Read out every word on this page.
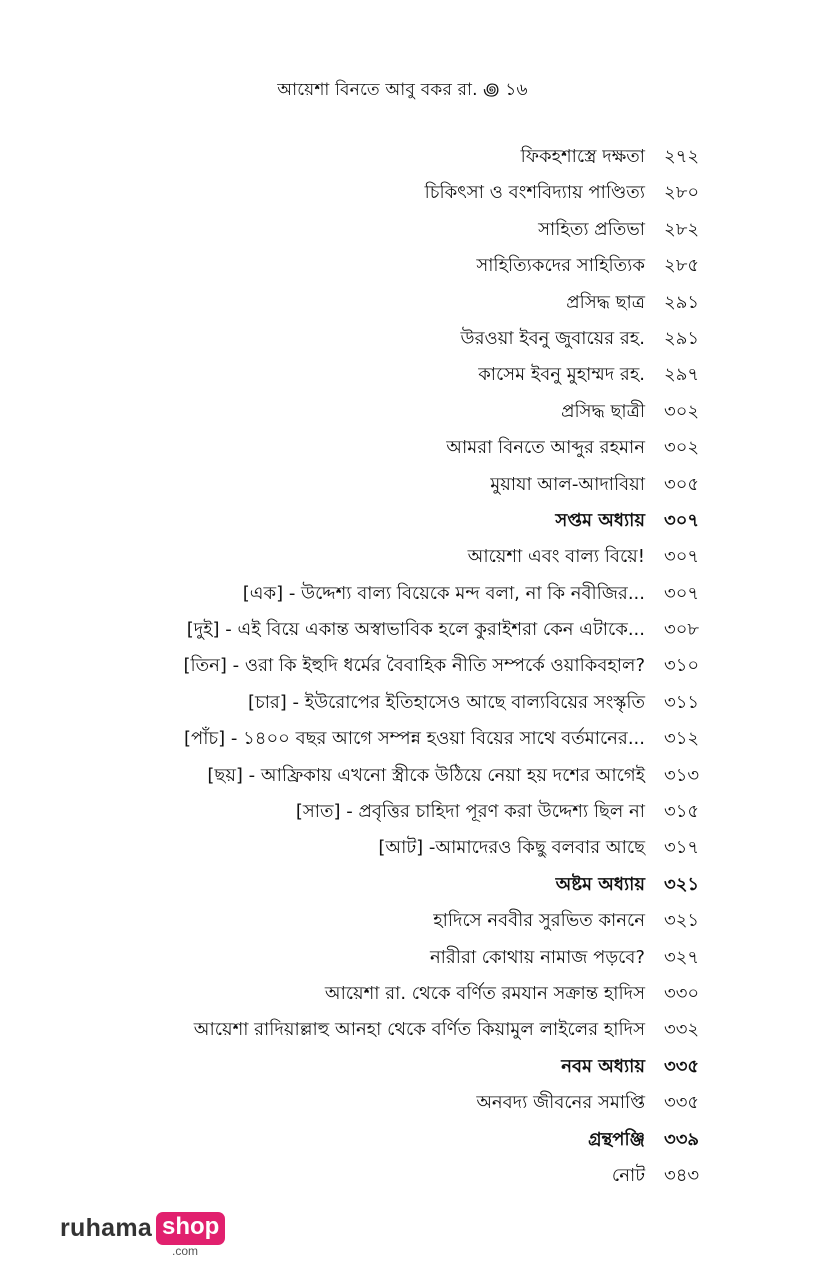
আয়েশা বিনতে আবু বকর রা. ꩜ ১৬
ফিকহশাস্ত্রে দক্ষতা ২৭২
চিকিৎসা ও বংশবিদ্যায় পাণ্ডিত্য ২৮০
সাহিত্য প্রতিভা ২৮২
সাহিত্যিকদের সাহিত্যিক ২৮৫
প্রসিদ্ধ ছাত্র ২৯১
উরওয়া ইবনু জুবায়ের রহ. ২৯১
কাসেম ইবনু মুহাম্মদ রহ. ২৯৭
প্রসিদ্ধ ছাত্রী ৩০২
আমরা বিনতে আব্দুর রহমান ৩০২
মুয়াযা আল-আদাবিয়া ৩০৫
সপ্তম অধ্যায় ৩০৭
আয়েশা এবং বাল্য বিয়ে! ৩০৭
[এক] - উদ্দেশ্য বাল্য বিয়েকে মন্দ বলা, না কি নবীজির... ৩০৭
[দুই] - এই বিয়ে একান্ত অস্বাভাবিক হলে কুরাইশরা কেন এটাকে... ৩০৮
[তিন] - ওরা কি ইহুদি ধর্মের বৈবাহিক নীতি সম্পর্কে ওয়াকিবহাল? ৩১০
[চার] - ইউরোপের ইতিহাসেও আছে বাল্যবিয়ের সংস্কৃতি ৩১১
[পাঁচ] - ১৪০০ বছর আগে সম্পন্ন হওয়া বিয়ের সাথে বর্তমানের... ৩১২
[ছয়] - আফ্রিকায় এখনো স্ত্রীকে উঠিয়ে নেয়া হয় দশের আগেই ৩১৩
[সাত] - প্রবৃত্তির চাহিদা পূরণ করা উদ্দেশ্য ছিল না ৩১৫
[আট] -আমাদেরও কিছু বলবার আছে ৩১৭
অষ্টম অধ্যায় ৩২১
হাদিসে নববীর সুরভিত কাননে ৩২১
নারীরা কোথায় নামাজ পড়বে? ৩২৭
আয়েশা রা. থেকে বর্ণিত রমযান সক্রান্ত হাদিস ৩৩০
আয়েশা রাদিয়াল্লাহু আনহা থেকে বর্ণিত কিয়ামুল লাইলের হাদিস ৩৩২
নবম অধ্যায় ৩৩৫
অনবদ্য জীবনের সমাপ্তি ৩৩৫
গ্রন্থপঞ্জি ৩৩৯
নোট ৩৪৩
ruhama shop
.com
